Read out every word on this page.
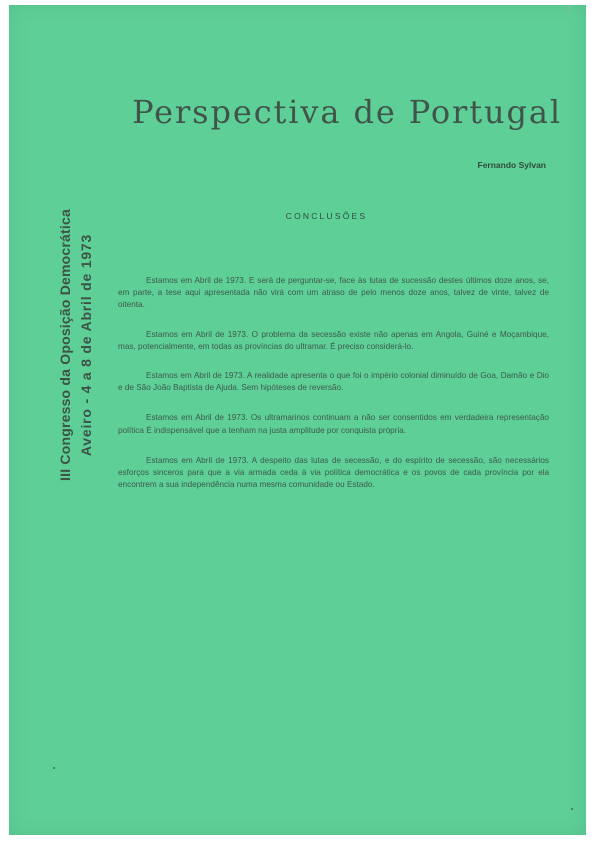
7
Perspectiva de Portugal
Fernando Sylvan
III Congresso da Oposição Democrática Aveiro - 4 a 8 de Abril de 1973
CONCLUSÕES

Estamos em Abril de 1973. E será de perguntar-se, face às lutas de sucessão destes últimos doze anos, se, em parte, a tese aqui apresentada não virá com um atraso de pelo menos doze anos, talvez de vinte, talvez de oitenta.

Estamos em Abril de 1973. O problema da secessão existe não apenas em Angola, Guiné e Moçambique, mas, potencialmente, em todas as províncias do ultramar. É preciso considerá-lo.

Estamos em Abril de 1973. A realidade apresenta o que foi o império colonial diminuído de Goa, Damão e Dio e de São João Baptista de Ajuda. Sem hipóteses de reversão.

Estamos em Abril de 1973. Os ultramarinos continuam a não ser consentidos em verdadeira representação política É indispensável que a tenham na justa amplitude por conquista própria.

Estamos em Abril de 1973. A despeito das lutas de secessão, e do espírito de secessão, são necessários esforços sinceros para que a via armada ceda à via política democrática e os povos de cada província por ela encontrem a sua independência numa mesma comunidade ou Estado.
